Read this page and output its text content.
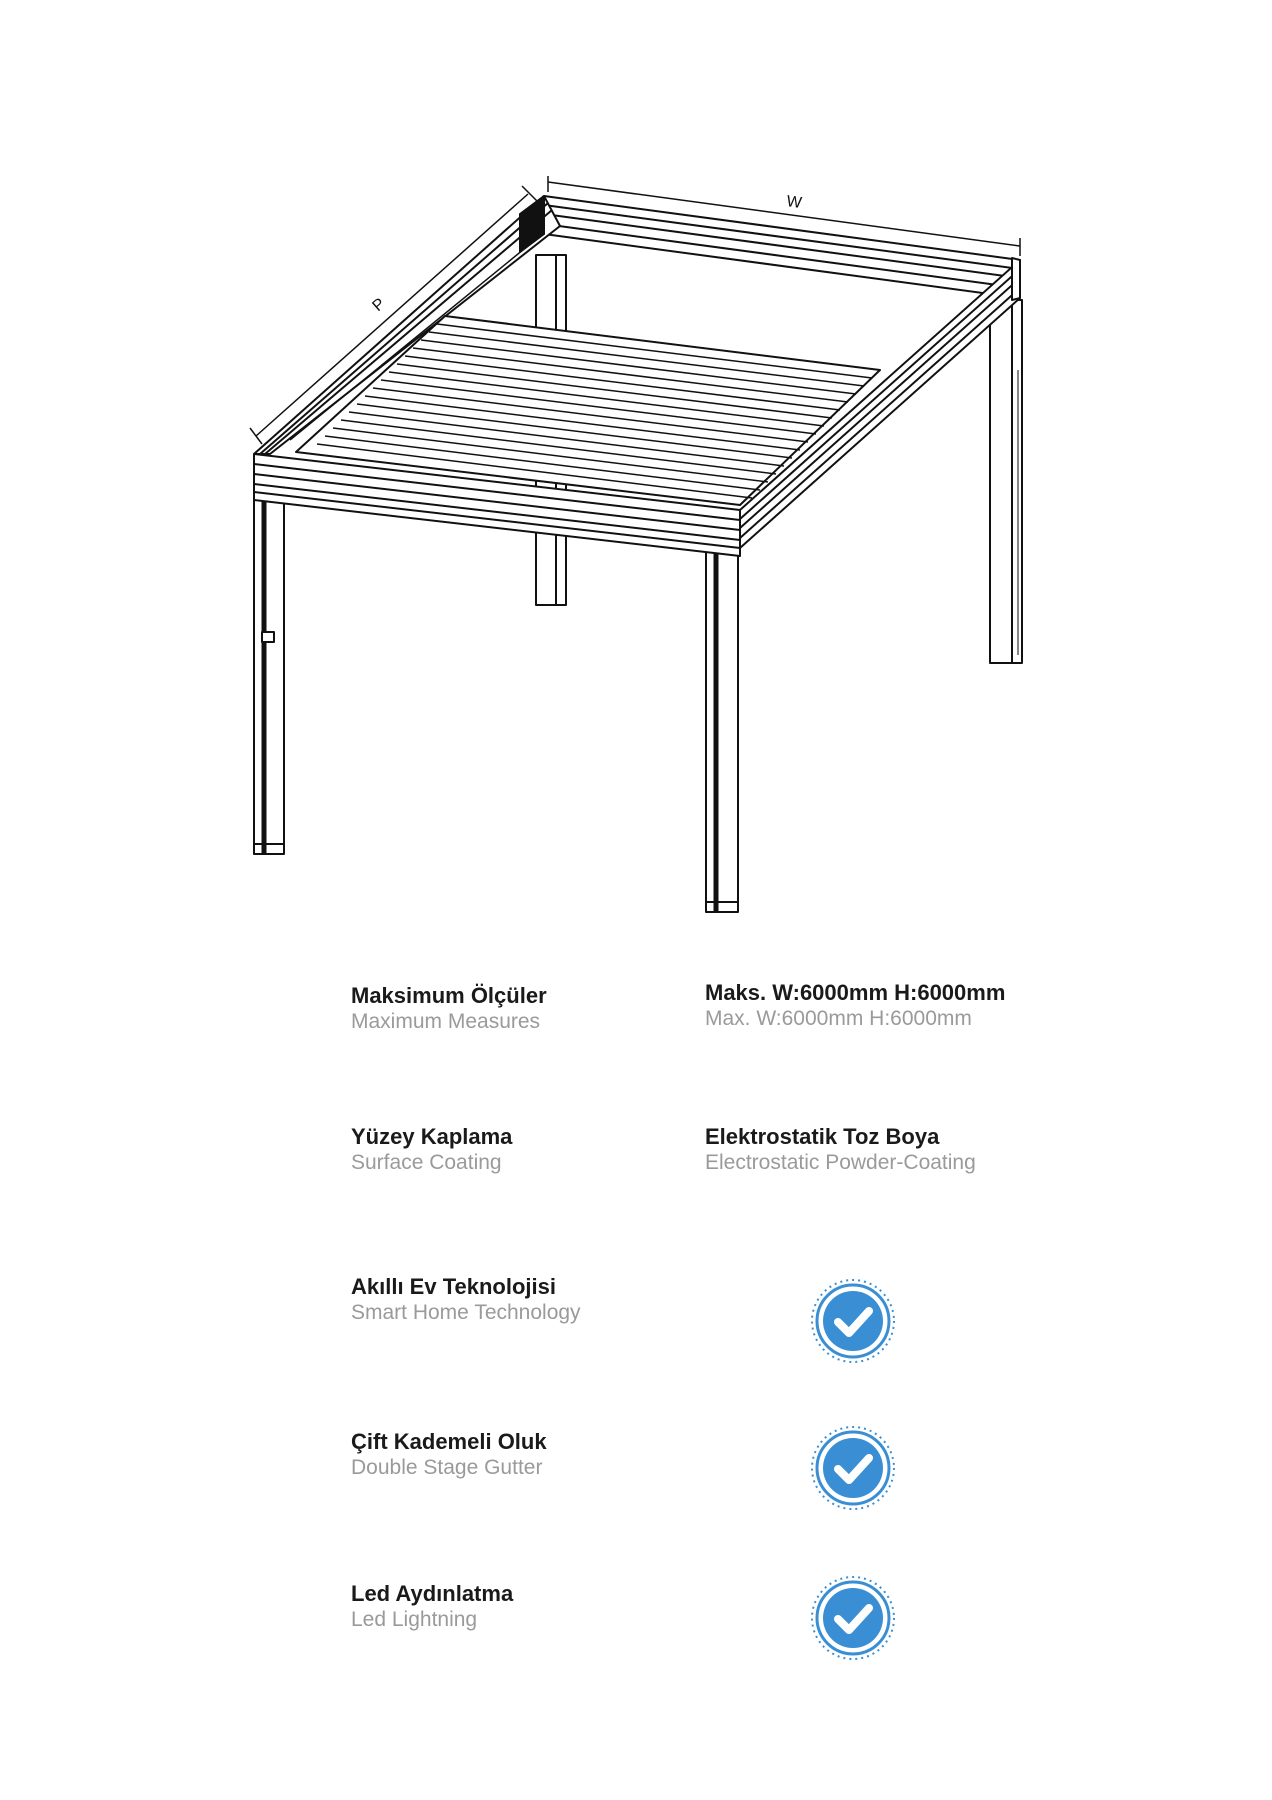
W
P
Maksimum Ölçüler
Maximum Measures
Maks. W:6000mm H:6000mm
Max. W:6000mm H:6000mm
Yüzey Kaplama
Surface Coating
Elektrostatik Toz Boya
Electrostatic Powder-Coating
Akıllı Ev Teknolojisi
Smart Home Technology
Çift Kademeli Oluk
Double Stage Gutter
Led Aydınlatma
Led Lightning
